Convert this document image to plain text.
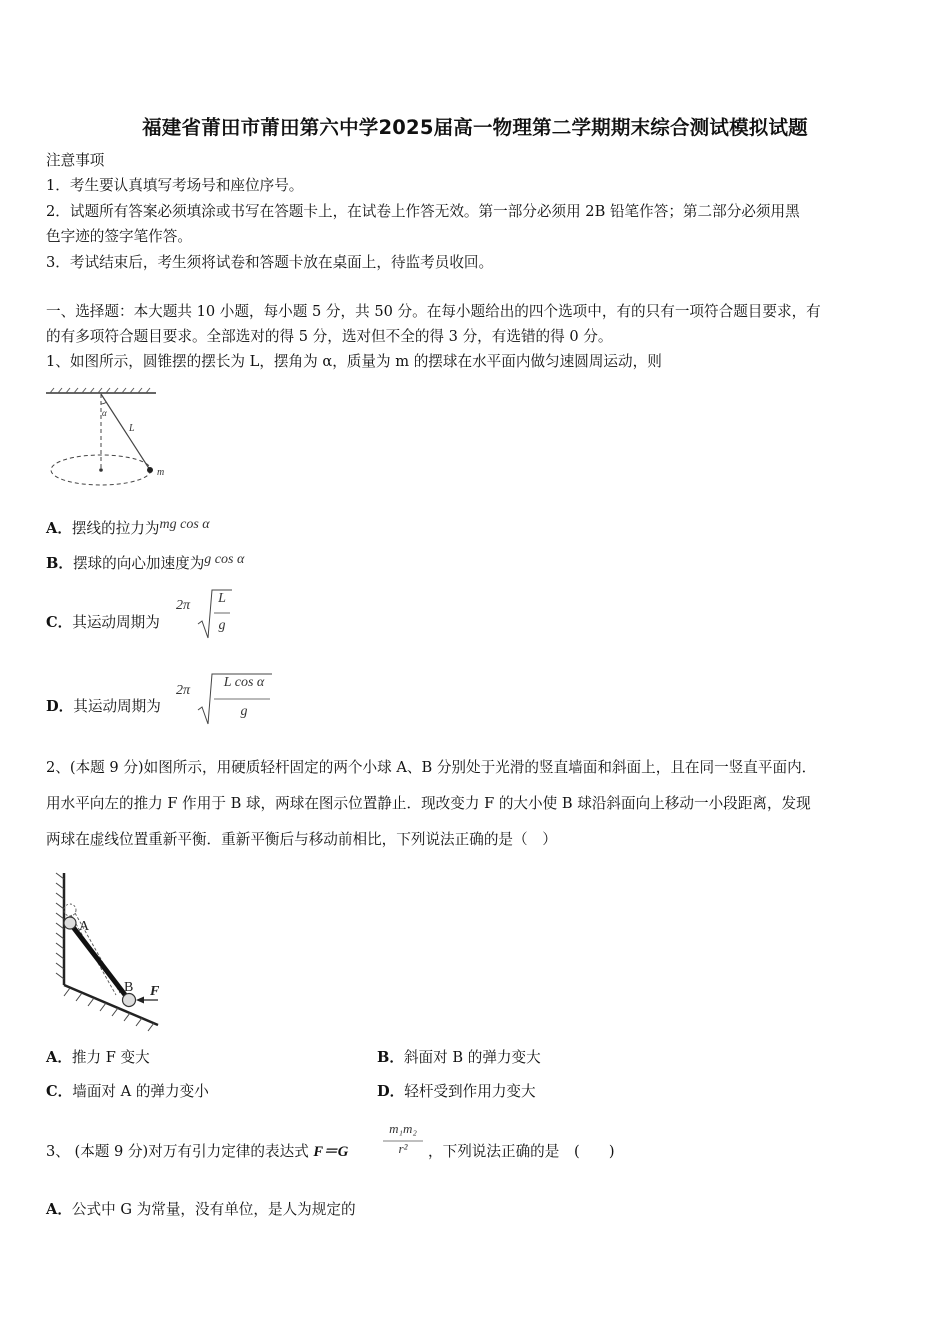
福建省莆田市莆田第六中学2025届高一物理第二学期期末综合测试模拟试题
注意事项
1．考生要认真填写考场号和座位序号。
2．试题所有答案必须填涂或书写在答题卡上，在试卷上作答无效。第一部分必须用 2B 铅笔作答；第二部分必须用黑
色字迹的签字笔作答。
3．考试结束后，考生须将试卷和答题卡放在桌面上，待监考员收回。
一、选择题：本大题共 10 小题，每小题 5 分，共 50 分。在每小题给出的四个选项中，有的只有一项符合题目要求，有
的有多项符合题目要求。全部选对的得 5 分，选对但不全的得 3 分，有选错的得 0 分。
1、如图所示，圆锥摆的摆长为 L，摆角为 α，质量为 m 的摆球在水平面内做匀速圆周运动，则
α
L
m
A．摆线的拉力为mg cos α
B．摆球的向心加速度为g cos α
C．其运动周期为
2π L
g
D．其运动周期为
2π
L cos α
g
2、(本题 9 分)如图所示，用硬质轻杆固定的两个小球 A、B 分别处于光滑的竖直墙面和斜面上，且在同一竖直平面内．
用水平向左的推力 F 作用于 B 球，两球在图示位置静止．现改变力 F 的大小使 B 球沿斜面向上移动一小段距离，发现
两球在虚线位置重新平衡．重新平衡后与移动前相比，下列说法正确的是（　）
A
B F
A．推力 F 变大	B．斜面对 B 的弹力变大
C．墙面对 A 的弹力变小	D．轻杆受到作用力变大
3、 (本题 9 分)对万有引力定律的表达式 F＝G
m₁m₂
r²	，下列说法正确的是　(　　)
A．公式中 G 为常量，没有单位，是人为规定的
